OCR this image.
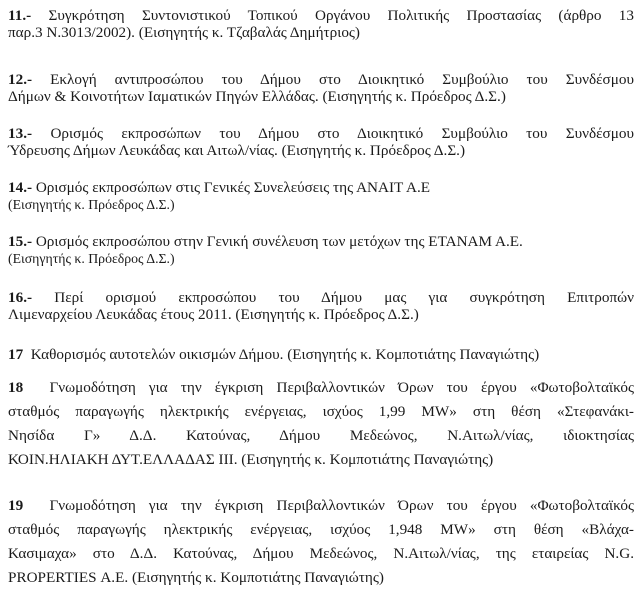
11.- Συγκρότηση Συντονιστικού Τοπικού Οργάνου Πολιτικής Προστασίας (άρθρο 13
παρ.3 Ν.3013/2002). (Εισηγητής κ. Τζαβαλάς Δημήτριος)
12.- Εκλογή αντιπροσώπου του Δήμου στο Διοικητικό Συμβούλιο του Συνδέσμου
Δήμων & Κοινοτήτων Ιαματικών Πηγών Ελλάδας. (Εισηγητής κ. Πρόεδρος Δ.Σ.)
13.- Ορισμός εκπροσώπων του Δήμου στο Διοικητικό Συμβούλιο του Συνδέσμου
Ύδρευσης Δήμων Λευκάδας και Αιτωλ/νίας. (Εισηγητής κ. Πρόεδρος Δ.Σ.)
14.- Ορισμός εκπροσώπων στις Γενικές Συνελεύσεις της ΑΝΑΙΤ Α.Ε
(Εισηγητής κ. Πρόεδρος Δ.Σ.)
15.- Ορισμός εκπροσώπου στην Γενική συνέλευση των μετόχων της ΕΤΑΝΑΜ Α.Ε.
(Εισηγητής κ. Πρόεδρος Δ.Σ.)
16.- Περί ορισμού εκπροσώπου του Δήμου μας για συγκρότηση Επιτροπών
Λιμεναρχείου Λευκάδας έτους 2011. (Εισηγητής κ. Πρόεδρος Δ.Σ.)
17 Καθορισμός αυτοτελών οικισμών Δήμου. (Εισηγητής κ. Κομποτιάτης Παναγιώτης)
18 Γνωμοδότηση για την έγκριση Περιβαλλοντικών Όρων του έργου «Φωτοβολταϊκός
σταθμός παραγωγής ηλεκτρικής ενέργειας, ισχύος 1,99 MW» στη θέση «Στεφανάκι-
Νησίδα Γ» Δ.Δ. Κατούνας, Δήμου Μεδεώνος, Ν.Αιτωλ/νίας, ιδιοκτησίας
ΚΟΙΝ.ΗΛΙΑΚΗ ΔΥΤ.ΕΛΛΑΔΑΣ ΙΙΙ. (Εισηγητής κ. Κομποτιάτης Παναγιώτης)
19 Γνωμοδότηση για την έγκριση Περιβαλλοντικών Όρων του έργου «Φωτοβολταϊκός
σταθμός παραγωγής ηλεκτρικής ενέργειας, ισχύος 1,948 MW» στη θέση «Βλάχα-
Κασιμαχα» στο Δ.Δ. Κατούνας, Δήμου Μεδεώνος, Ν.Αιτωλ/νίας, της εταιρείας N.G.
PROPERTIES Α.Ε. (Εισηγητής κ. Κομποτιάτης Παναγιώτης)
